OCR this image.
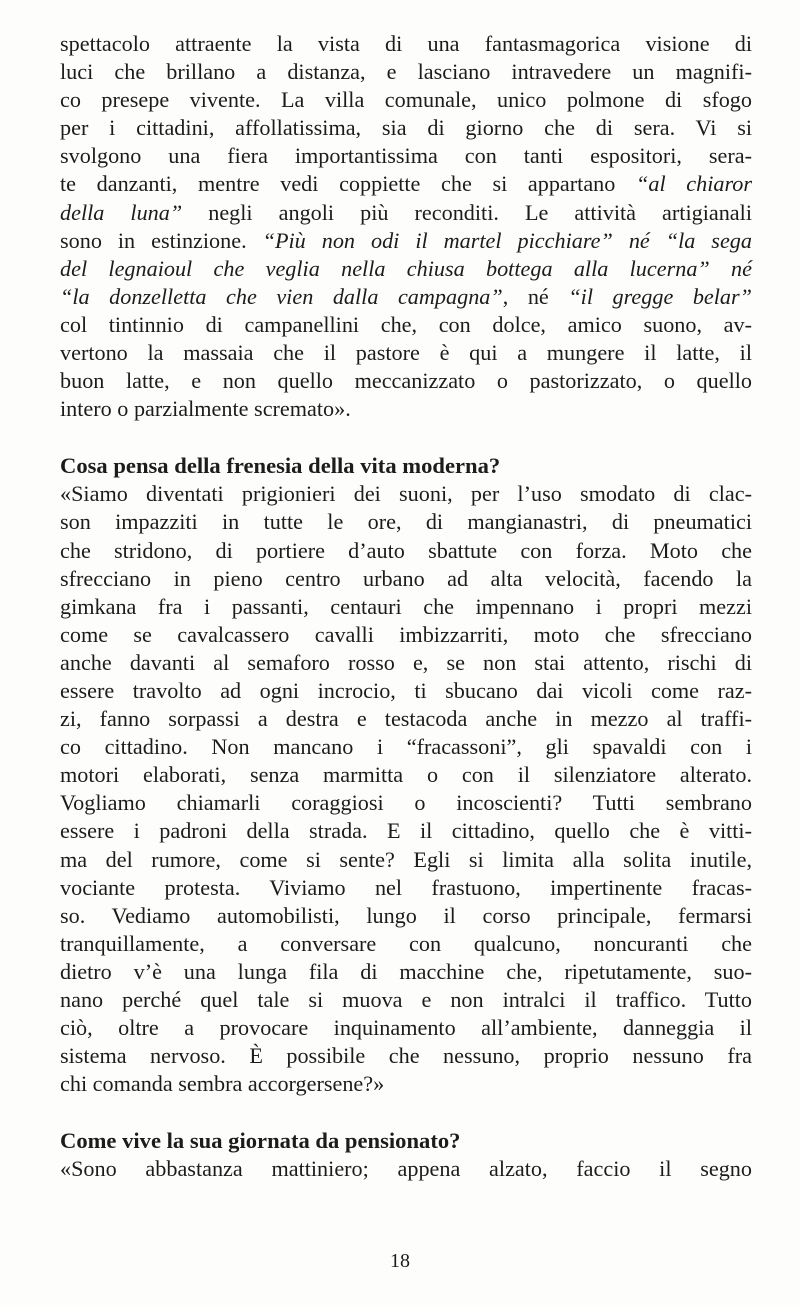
spettacolo attraente la vista di una fantasmagorica visione di

luci che brillano a distanza, e lasciano intravedere un magnifi-

co presepe vivente. La villa comunale, unico polmone di sfogo

per i cittadini, affollatissima, sia di giorno che di sera. Vi si

svolgono una fiera importantissima con tanti espositori, sera-

te danzanti, mentre vedi coppiette che si appartano “al chiaror

della luna” negli angoli più reconditi. Le attività artigianali

sono in estinzione. “Più non odi il martel picchiare” né “la sega

del legnaioul che veglia nella chiusa bottega alla lucerna” né

“la donzelletta che vien dalla campagna”, né “il gregge belar”

col tintinnio di campanellini che, con dolce, amico suono, av-

vertono la massaia che il pastore è qui a mungere il latte, il

buon latte, e non quello meccanizzato o pastorizzato, o quello

intero o parzialmente scremato».

Cosa pensa della frenesia della vita moderna?

«Siamo diventati prigionieri dei suoni, per l’uso smodato di clac-

son impazziti in tutte le ore, di mangianastri, di pneumatici

che stridono, di portiere d’auto sbattute con forza. Moto che

sfrecciano in pieno centro urbano ad alta velocità, facendo la

gimkana fra i passanti, centauri che impennano i propri mezzi

come se cavalcassero cavalli imbizzarriti, moto che sfrecciano

anche davanti al semaforo rosso e, se non stai attento, rischi di

essere travolto ad ogni incrocio, ti sbucano dai vicoli come raz-

zi, fanno sorpassi a destra e testacoda anche in mezzo al traffi-

co cittadino. Non mancano i “fracassoni”, gli spavaldi con i

motori elaborati, senza marmitta o con il silenziatore alterato.

Vogliamo chiamarli coraggiosi o incoscienti? Tutti sembrano

essere i padroni della strada. E il cittadino, quello che è vitti-

ma del rumore, come si sente? Egli si limita alla solita inutile,

vociante protesta. Viviamo nel frastuono, impertinente fracas-

so. Vediamo automobilisti, lungo il corso principale, fermarsi

tranquillamente, a conversare con qualcuno, noncuranti che

dietro v’è una lunga fila di macchine che, ripetutamente, suo-

nano perché quel tale si muova e non intralci il traffico. Tutto

ciò, oltre a provocare inquinamento all’ambiente, danneggia il

sistema nervoso. È possibile che nessuno, proprio nessuno fra

chi comanda sembra accorgersene?»

Come vive la sua giornata da pensionato?

«Sono abbastanza mattiniero; appena alzato, faccio il segno

18
